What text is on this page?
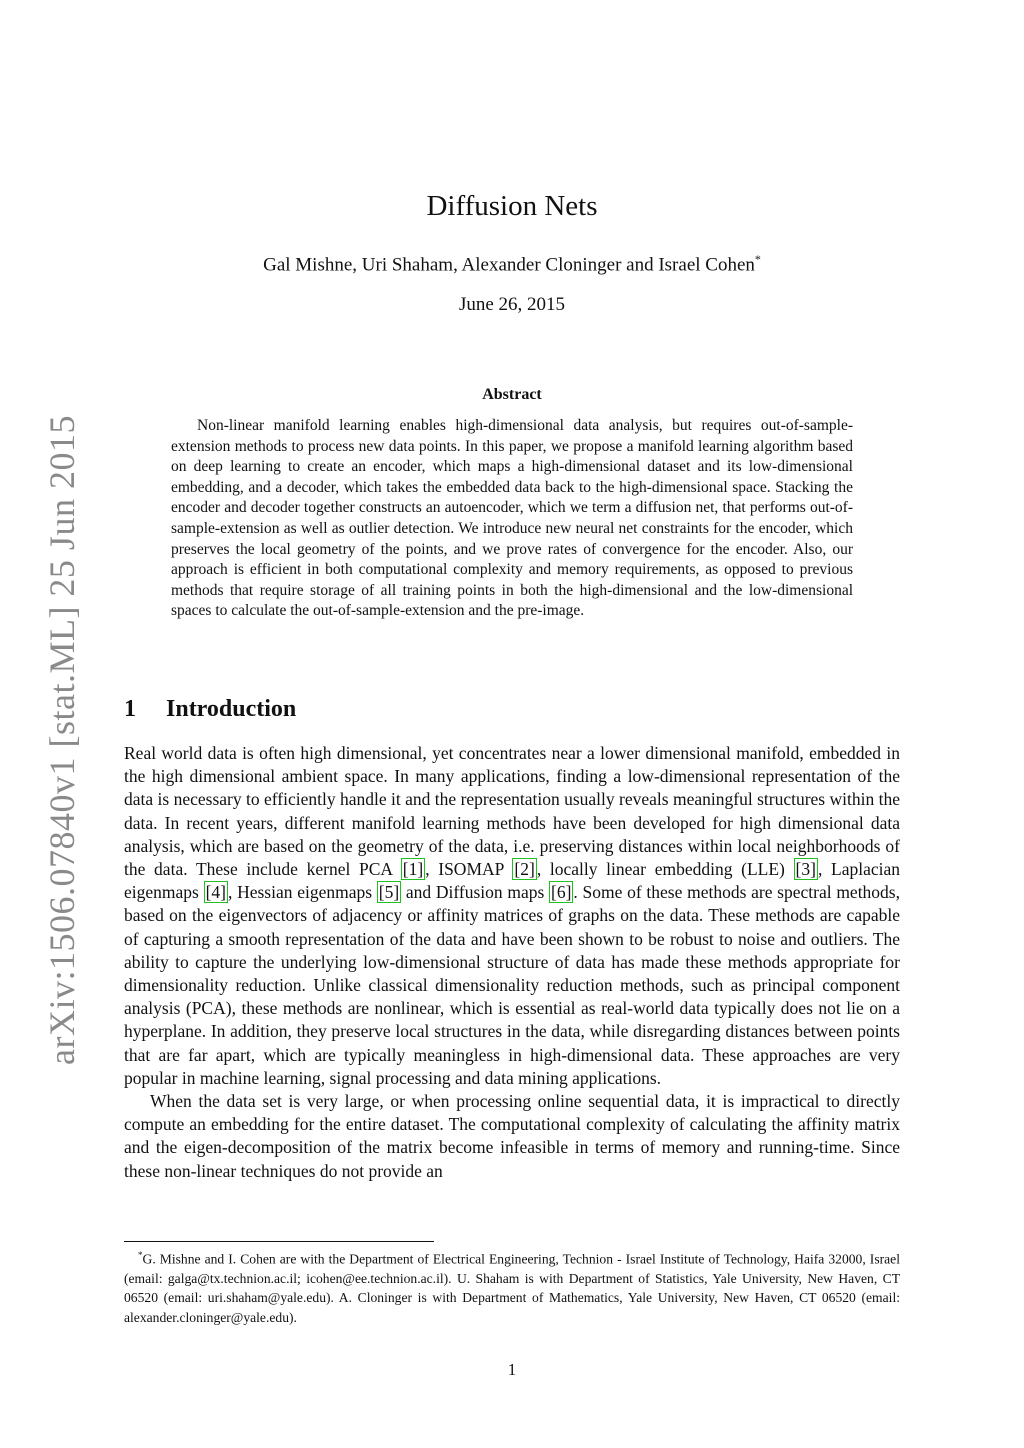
arXiv:1506.07840v1 [stat.ML] 25 Jun 2015
Diffusion Nets
Gal Mishne, Uri Shaham, Alexander Cloninger and Israel Cohen*
June 26, 2015
Abstract

Non-linear manifold learning enables high-dimensional data analysis, but requires out-of-sample-extension methods to process new data points. In this paper, we propose a manifold learning algorithm based on deep learning to create an encoder, which maps a high-dimensional dataset and its low-dimensional embedding, and a decoder, which takes the embedded data back to the high-dimensional space. Stacking the encoder and decoder together constructs an autoencoder, which we term a diffusion net, that performs out-of-sample-extension as well as outlier detection. We introduce new neural net constraints for the encoder, which preserves the local geometry of the points, and we prove rates of convergence for the encoder. Also, our approach is efficient in both computational complexity and memory requirements, as opposed to previous methods that require storage of all training points in both the high-dimensional and the low-dimensional spaces to calculate the out-of-sample-extension and the pre-image.

1 Introduction

Real world data is often high dimensional, yet concentrates near a lower dimensional manifold, embedded in the high dimensional ambient space. In many applications, finding a low-dimensional representation of the data is necessary to efficiently handle it and the representation usually reveals meaningful structures within the data. In recent years, different manifold learning methods have been developed for high dimensional data analysis, which are based on the geometry of the data, i.e. preserving distances within local neighborhoods of the data. These include kernel PCA [1] , ISOMAP [2] , locally linear embedding (LLE) [3] , Laplacian eigenmaps [4] , Hessian eigenmaps [5] and Diffusion maps [6] . Some of these methods are spectral methods, based on the eigenvectors of adjacency or affinity matrices of graphs on the data. These methods are capable of capturing a smooth representation of the data and have been shown to be robust to noise and outliers. The ability to capture the underlying low-dimensional structure of data has made these methods appropriate for dimensionality reduction. Unlike classical dimensionality reduction methods, such as principal component analysis (PCA), these methods are nonlinear, which is essential as real-world data typically does not lie on a hyperplane. In addition, they preserve local structures in the data, while disregarding distances between points that are far apart, which are typically meaningless in high-dimensional data. These approaches are very popular in machine learning, signal processing and data mining applications.

When the data set is very large, or when processing online sequential data, it is impractical to directly compute an embedding for the entire dataset. The computational complexity of calculating the affinity matrix and the eigen-decomposition of the matrix become infeasible in terms of memory and running-time. Since these non-linear techniques do not provide an

*G. Mishne and I. Cohen are with the Department of Electrical Engineering, Technion - Israel Institute of Technology, Haifa 32000, Israel (email: galga@tx.technion.ac.il; icohen@ee.technion.ac.il). U. Shaham is with Department of Statistics, Yale University, New Haven, CT 06520 (email: uri.shaham@yale.edu). A. Cloninger is with Department of Mathematics, Yale University, New Haven, CT 06520 (email: alexander.cloninger@yale.edu).
1
